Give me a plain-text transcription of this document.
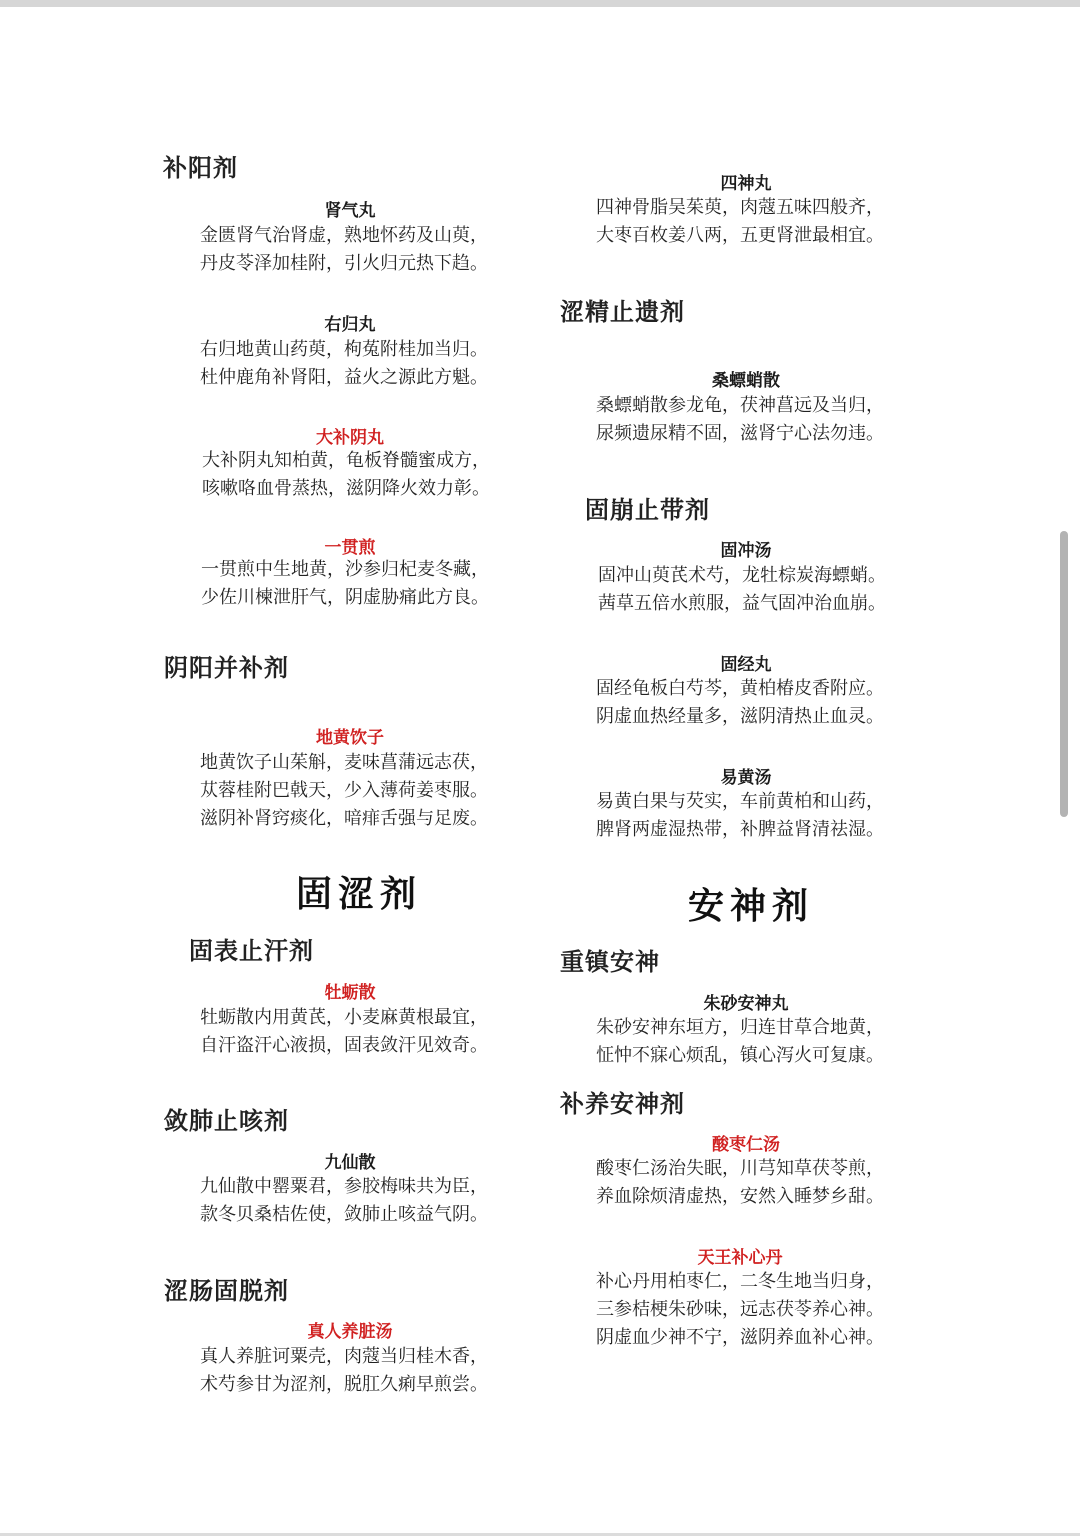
补阳剂
肾气丸
金匮肾气治肾虚，熟地怀药及山萸，
丹皮苓泽加桂附，引火归元热下趋。
右归丸
右归地黄山药萸，枸菟附桂加当归。
杜仲鹿角补肾阳，益火之源此方魁。
大补阴丸
大补阴丸知柏黄，龟板脊髓蜜成方，
咳嗽咯血骨蒸热，滋阴降火效力彰。
一贯煎
一贯煎中生地黄，沙参归杞麦冬藏，
少佐川楝泄肝气，阴虚胁痛此方良。
阴阳并补剂
地黄饮子
地黄饮子山茱斛，麦味菖蒲远志茯，
苁蓉桂附巴戟天，少入薄荷姜枣服。
滋阴补肾窍痰化，喑痱舌强与足废。
固涩剂
固表止汗剂
牡蛎散
牡蛎散内用黄芪，小麦麻黄根最宜，
自汗盗汗心液损，固表敛汗见效奇。
敛肺止咳剂
九仙散
九仙散中罂粟君，参胶梅味共为臣，
款冬贝桑桔佐使，敛肺止咳益气阴。
涩肠固脱剂
真人养脏汤
真人养脏诃粟壳，肉蔻当归桂木香，
术芍参甘为涩剂，脱肛久痢早煎尝。
四神丸
四神骨脂吴茱萸，肉蔻五味四般齐，
大枣百枚姜八两，五更肾泄最相宜。
涩精止遗剂
桑螵蛸散
桑螵蛸散参龙龟，茯神菖远及当归，
尿频遗尿精不固，滋肾宁心法勿违。
固崩止带剂
固冲汤
固冲山萸芪术芍，龙牡棕炭海螵蛸。
茜草五倍水煎服，益气固冲治血崩。
固经丸
固经龟板白芍芩，黄柏椿皮香附应。
阴虚血热经量多，滋阴清热止血灵。
易黄汤
易黄白果与芡实，车前黄柏和山药，
脾肾两虚湿热带，补脾益肾清祛湿。
安神剂
重镇安神
朱砂安神丸
朱砂安神东垣方，归连甘草合地黄，
怔忡不寐心烦乱，镇心泻火可复康。
补养安神剂
酸枣仁汤
酸枣仁汤治失眠，川芎知草茯苓煎，
养血除烦清虚热，安然入睡梦乡甜。
天王补心丹
补心丹用柏枣仁，二冬生地当归身，
三参桔梗朱砂味，远志茯苓养心神。
阴虚血少神不宁，滋阴养血补心神。
